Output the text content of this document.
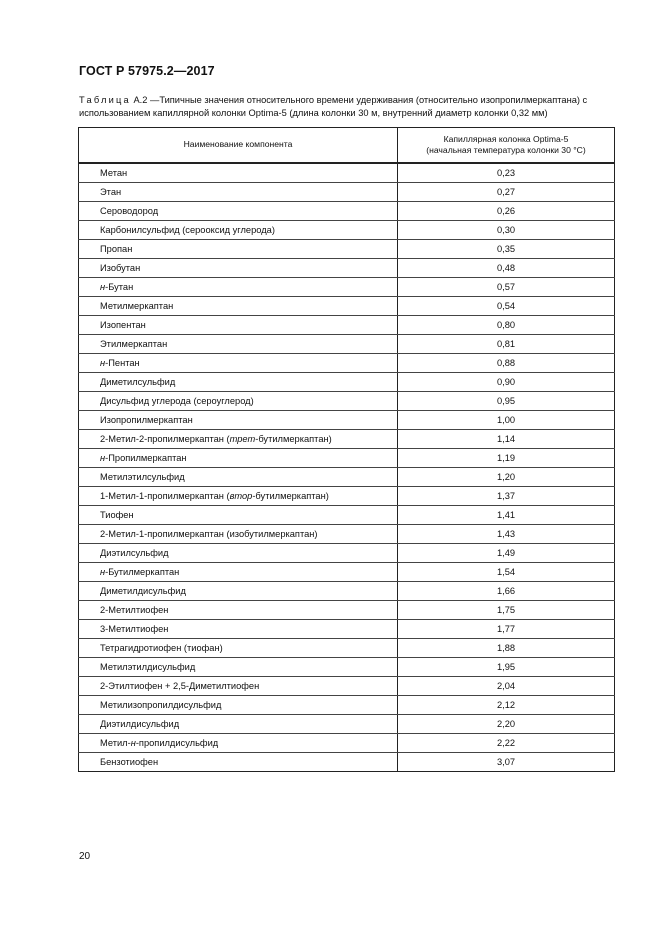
ГОСТ Р 57975.2—2017
Таблица А.2 —Типичные значения относительного времени удерживания (относительно изопропилмеркаптана) с использованием капиллярной колонки Optima-5 (длина колонки 30 м, внутренний диаметр колонки 0,32 мм)
Наименование компонента	Капиллярная колонка Optima-5
(начальная температура колонки 30 °C)
Метан	0,23
Этан	0,27
Сероводород	0,26
Карбонилсульфид (серооксид углерода)	0,30
Пропан	0,35
Изобутан	0,48
н-Бутан	0,57
Метилмеркаптан	0,54
Изопентан	0,80
Этилмеркаптан	0,81
н-Пентан	0,88
Диметилсульфид	0,90
Дисульфид углерода (сероуглерод)	0,95
Изопропилмеркаптан	1,00
2-Метил-2-пропилмеркаптан (трет-бутилмеркаптан)	1,14
н-Пропилмеркаптан	1,19
Метилэтилсульфид	1,20
1-Метил-1-пропилмеркаптан (втор-бутилмеркаптан)	1,37
Тиофен	1,41
2-Метил-1-пропилмеркаптан (изобутилмеркаптан)	1,43
Диэтилсульфид	1,49
н-Бутилмеркаптан	1,54
Диметилдисульфид	1,66
2-Метилтиофен	1,75
3-Метилтиофен	1,77
Тетрагидротиофен (тиофан)	1,88
Метилэтилдисульфид	1,95
2-Этилтиофен + 2,5-Диметилтиофен	2,04
Метилизопропилдисульфид	2,12
Диэтилдисульфид	2,20
Метил-н-пропилдисульфид	2,22
Бензотиофен	3,07
20
